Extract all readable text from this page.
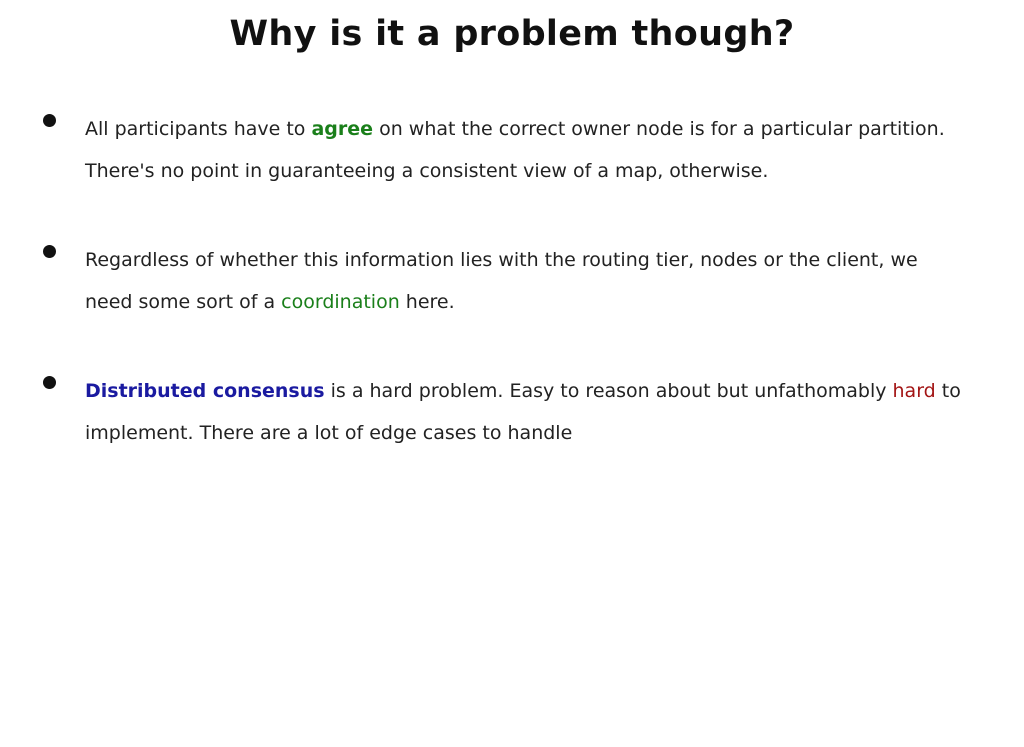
Why is it a problem though?
All participants have to agree on what the correct owner node is for a particular partition. There's no point in guaranteeing a consistent view of a map, otherwise.
Regardless of whether this information lies with the routing tier, nodes or the client, we need some sort of a coordination here.
Distributed consensus is a hard problem. Easy to reason about but unfathomably hard to implement. There are a lot of edge cases to handle
